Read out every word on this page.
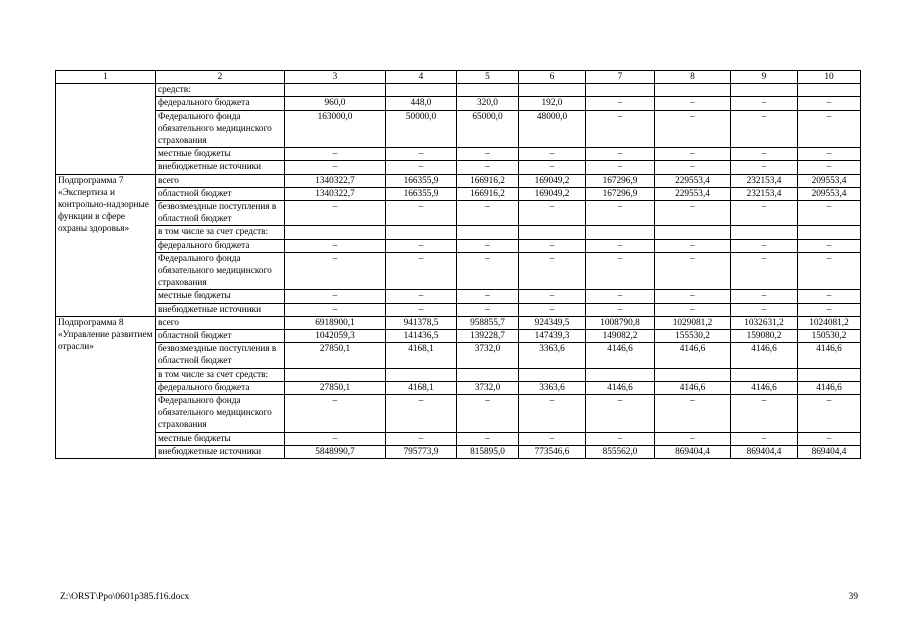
1	2	3	4	5	6	7	8	9	10
	средств:								
	федерального бюджета	960,0	448,0	320,0	192,0	–	–	–	–
	Федерального фонда обязательного медицинского страхования	163000,0	50000,0	65000,0	48000,0	–	–	–	–
	местные бюджеты	–	–	–	–	–	–	–	–
	внебюджетные источники	–	–	–	–	–	–	–	–
Подпрограмма 7 «Экспертиза и контрольно-надзорные функции в сфере охраны здоровья»	всего	1340322,7	166355,9	166916,2	169049,2	167296,9	229553,4	232153,4	209553,4
	областной бюджет	1340322,7	166355,9	166916,2	169049,2	167296,9	229553,4	232153,4	209553,4
	безвозмездные поступления в областной бюджет	–	–	–	–	–	–	–	–
	в том числе за счет средств:								
	федерального бюджета	–	–	–	–	–	–	–	–
	Федерального фонда обязательного медицинского страхования	–	–	–	–	–	–	–	–
	местные бюджеты	–	–	–	–	–	–	–	–
	внебюджетные источники	–	–	–	–	–	–	–	–
Подпрограмма 8 «Управление развитием отрасли»	всего	6918900,1	941378,5	958855,7	924349,5	1008790,8	1029081,2	1032631,2	1024081,2
	областной бюджет	1042059,3	141436,5	139228,7	147439,3	149082,2	155530,2	159080,2	150530,2
	безвозмездные поступления в областной бюджет	27850,1	4168,1	3732,0	3363,6	4146,6	4146,6	4146,6	4146,6
	в том числе за счет средств:								
	федерального бюджета	27850,1	4168,1	3732,0	3363,6	4146,6	4146,6	4146,6	4146,6
	Федерального фонда обязательного медицинского страхования	–	–	–	–	–	–	–	–
	местные бюджеты	–	–	–	–	–	–	–	–
	внебюджетные источники	5848990,7	795773,9	815895,0	773546,6	855562,0	869404,4	869404,4	869404,4
Z:\ORST\Ppo\0601p385.f16.docx	39
